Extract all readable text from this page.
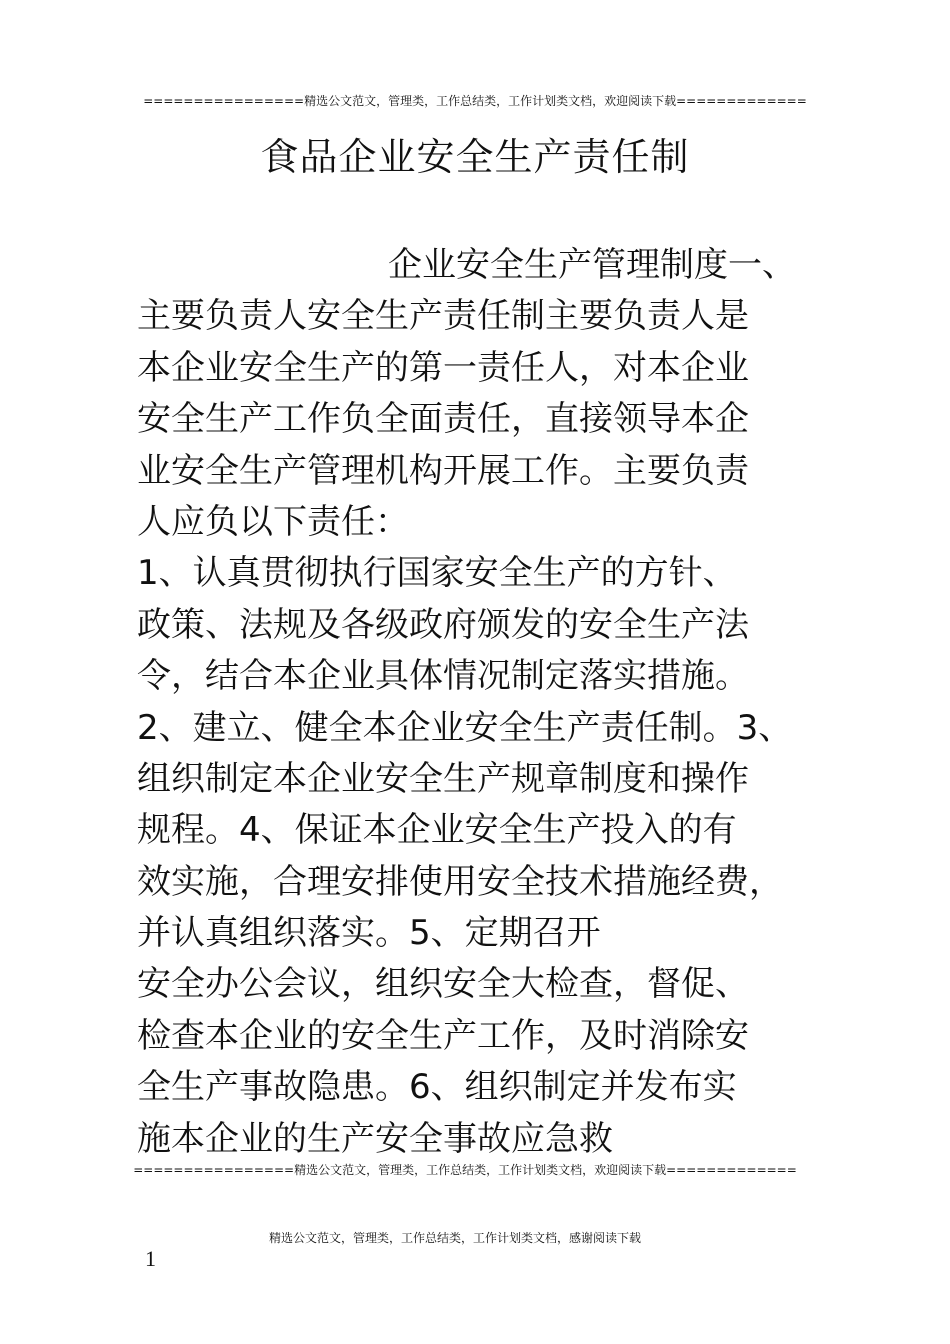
================精选公文范文，管理类，工作总结类，工作计划类文档，欢迎阅读下载=============
食品企业安全生产责任制
企业安全生产管理制度一、
主要负责人安全生产责任制主要负责人是
本企业安全生产的第一责任人，对本企业
安全生产工作负全面责任，直接领导本企
业安全生产管理机构开展工作。主要负责
人应负以下责任：
1、认真贯彻执行国家安全生产的方针、
政策、法规及各级政府颁发的安全生产法
令，结合本企业具体情况制定落实措施。
2、建立、健全本企业安全生产责任制。3、
组织制定本企业安全生产规章制度和操作
规程。4、保证本企业安全生产投入的有
效实施，合理安排使用安全技术措施经费，
并认真组织落实。5、定期召开
安全办公会议，组织安全大检查，督促、
检查本企业的安全生产工作，及时消除安
全生产事故隐患。6、组织制定并发布实
施本企业的生产安全事故应急救
================精选公文范文，管理类，工作总结类，工作计划类文档，欢迎阅读下载=============
精选公文范文，管理类，工作总结类，工作计划类文档，感谢阅读下载
1
